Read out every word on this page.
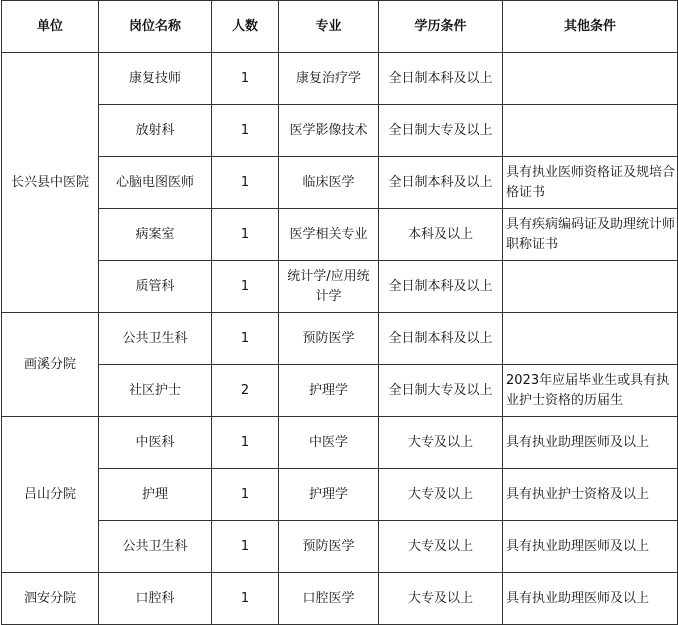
单位	岗位名称	人数	专业	学历条件	其他条件
长兴县中医院	康复技师	1	康复治疗学	全日制本科及以上	
	放射科	1	医学影像技术	全日制大专及以上	
	心脑电图医师	1	临床医学	全日制本科及以上	具有执业医师资格证及规培合格证书
	病案室	1	医学相关专业	本科及以上	具有疾病编码证及助理统计师职称证书
	质管科	1	统计学/应用统计学	全日制本科及以上	
画溪分院	公共卫生科	1	预防医学	全日制本科及以上	
	社区护士	2	护理学	全日制大专及以上	2023年应届毕业生或具有执业护士资格的历届生
吕山分院	中医科	1	中医学	大专及以上	具有执业助理医师及以上
	护理	1	护理学	大专及以上	具有执业护士资格及以上
	公共卫生科	1	预防医学	大专及以上	具有执业助理医师及以上
泗安分院	口腔科	1	口腔医学	大专及以上	具有执业助理医师及以上
